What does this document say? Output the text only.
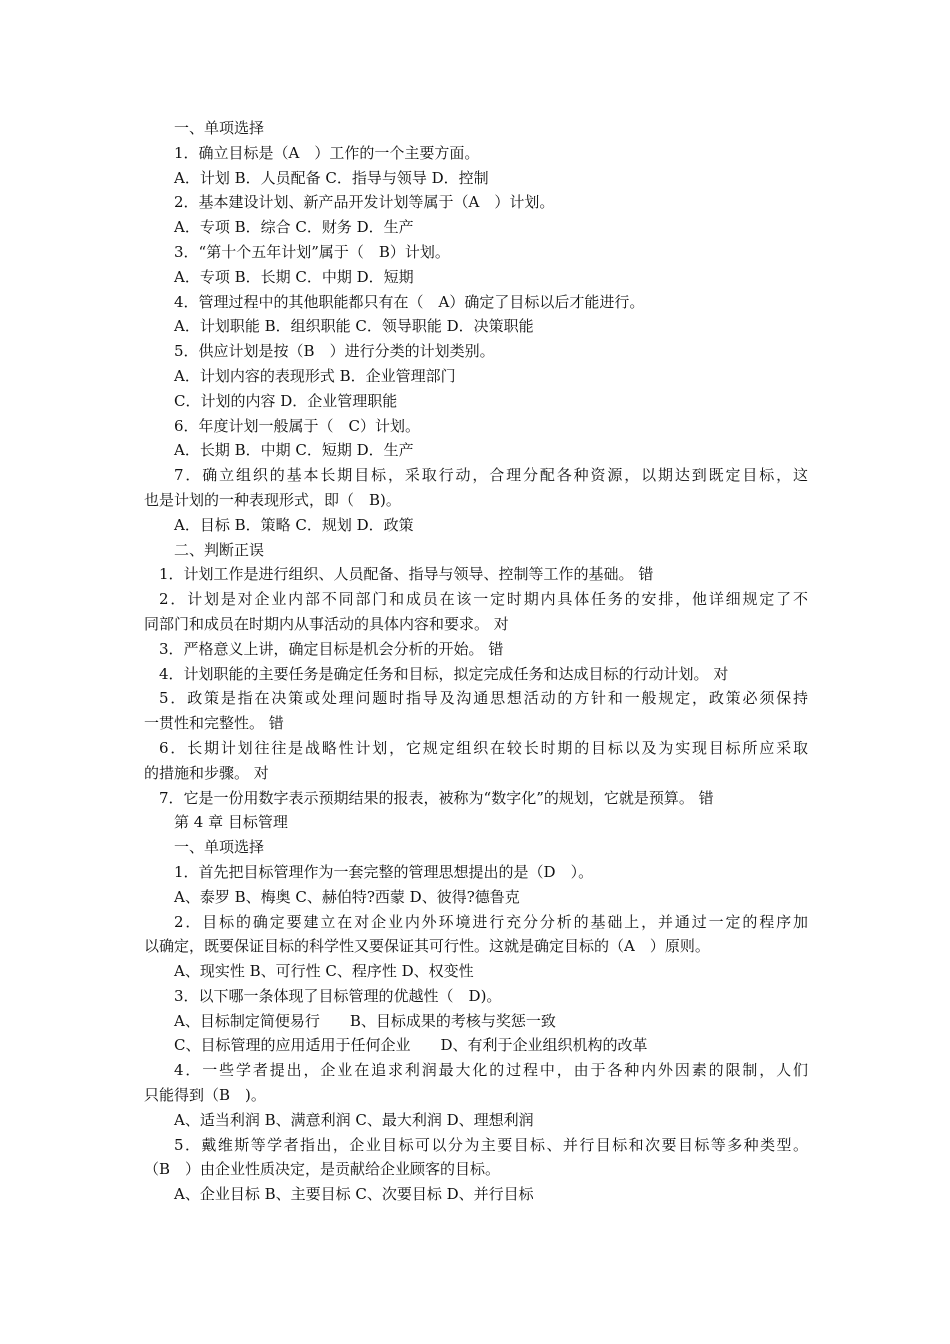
一、单项选择
1．确立目标是（A　）工作的一个主要方面。
A．计划 B．人员配备 C．指导与领导 D．控制
2．基本建设计划、新产品开发计划等属于（A　）计划。
A．专项 B．综合 C．财务 D．生产
3．“第十个五年计划”属于（　B）计划。
A．专项 B．长期 C．中期 D．短期
4．管理过程中的其他职能都只有在（　A）确定了目标以后才能进行。
A．计划职能 B．组织职能 C．领导职能 D．决策职能
5．供应计划是按（B　）进行分类的计划类别。
A．计划内容的表现形式 B．企业管理部门
C．计划的内容 D．企业管理职能
6．年度计划一般属于（　C）计划。
A．长期 B．中期 C．短期 D．生产
7．确立组织的基本长期目标，采取行动，合理分配各种资源，以期达到既定目标，这
也是计划的一种表现形式，即（　B)。
A．目标 B．策略 C．规划 D．政策
二、判断正误
1．计划工作是进行组织、人员配备、指导与领导、控制等工作的基础。 错
2．计划是对企业内部不同部门和成员在该一定时期内具体任务的安排，他详细规定了不
同部门和成员在时期内从事活动的具体内容和要求。 对
3．严格意义上讲，确定目标是机会分析的开始。 错
4．计划职能的主要任务是确定任务和目标，拟定完成任务和达成目标的行动计划。 对
5．政策是指在决策或处理问题时指导及沟通思想活动的方针和一般规定，政策必须保持
一贯性和完整性。 错
6．长期计划往往是战略性计划，它规定组织在较长时期的目标以及为实现目标所应采取
的措施和步骤。 对
7．它是一份用数字表示预期结果的报表，被称为“数字化”的规划，它就是预算。 错
第 4 章 目标管理
一、单项选择
1．首先把目标管理作为一套完整的管理思想提出的是（D　）。
A、泰罗 B、梅奥 C、赫伯特?西蒙 D、彼得?德鲁克
2．目标的确定要建立在对企业内外环境进行充分分析的基础上，并通过一定的程序加
以确定，既要保证目标的科学性又要保证其可行性。这就是确定目标的（A　）原则。
A、现实性 B、可行性 C、程序性 D、权变性
3．以下哪一条体现了目标管理的优越性（　D)。
A、目标制定简便易行　　B、目标成果的考核与奖惩一致
C、目标管理的应用适用于任何企业　　D、有利于企业组织机构的改革
4．一些学者提出，企业在追求利润最大化的过程中，由于各种内外因素的限制，人们
只能得到（B　)。
A、适当利润 B、满意利润 C、最大利润 D、理想利润
5．戴维斯等学者指出，企业目标可以分为主要目标、并行目标和次要目标等多种类型。
（B　）由企业性质决定，是贡献给企业顾客的目标。
A、企业目标 B、主要目标 C、次要目标 D、并行目标
